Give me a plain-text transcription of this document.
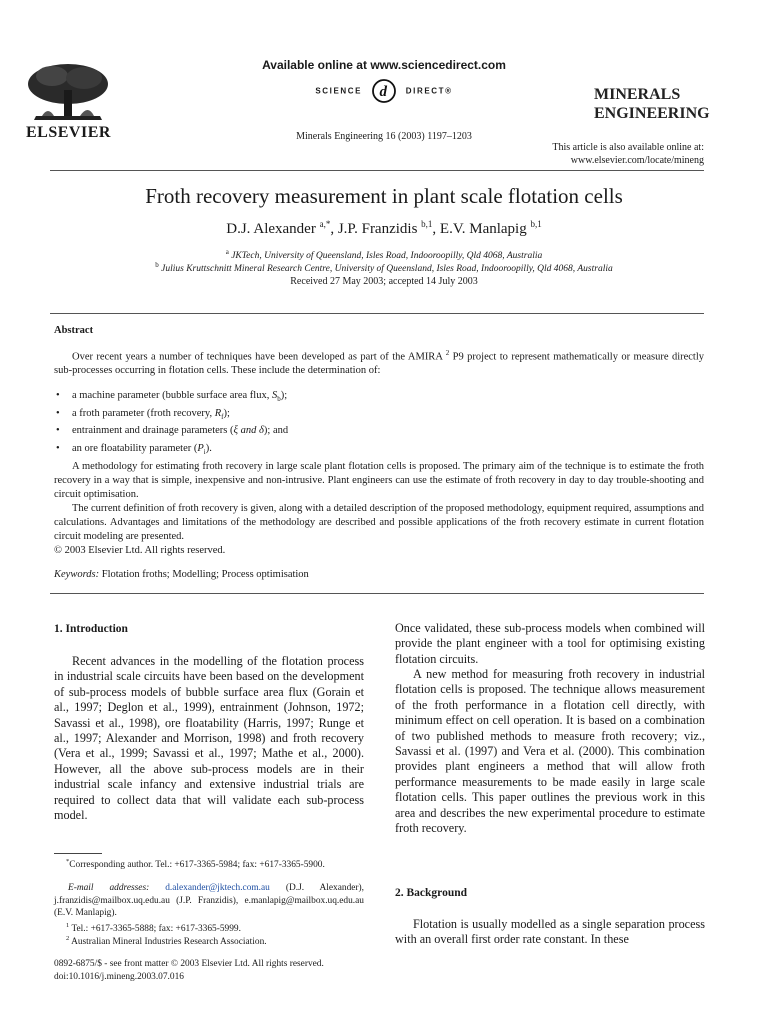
ELSEVIER
Available online at www.sciencedirect.com
SCIENCE d DIRECT®
Minerals Engineering 16 (2003) 1197–1203
MINERALS
ENGINEERING
This article is also available online at:
www.elsevier.com/locate/mineng
Froth recovery measurement in plant scale flotation cells
D.J. Alexander $^{a,*}$, J.P. Franzidis $^{b,1}$, E.V. Manlapig $^{b,1}$
$^a$ JKTech, University of Queensland, Isles Road, Indooroopilly, Qld 4068, Australia
$^b$ Julius Kruttschnitt Mineral Research Centre, University of Queensland, Isles Road, Indooroopilly, Qld 4068, Australia
Received 27 May 2003; accepted 14 July 2003
Abstract
Over recent years a number of techniques have been developed as part of the AMIRA $^2$ P9 project to represent mathematically or measure directly sub-processes occurring in flotation cells. These include the determination of:
• a machine parameter (bubble surface area flux, $S_b$);
• a froth parameter (froth recovery, $R_f$);
• entrainment and drainage parameters (ξ and δ); and
• an ore floatability parameter $(P_i)$.
A methodology for estimating froth recovery in large scale plant flotation cells is proposed. The primary aim of the technique is to estimate the froth recovery in a way that is simple, inexpensive and non-intrusive. Plant engineers can use the estimate of froth recovery in day to day trouble-shooting and circuit optimisation.
The current definition of froth recovery is given, along with a detailed description of the proposed methodology, equipment required, assumptions and calculations. Advantages and limitations of the methodology are described and possible applications of the froth recovery estimate in current flotation circuit modeling are presented.
© 2003 Elsevier Ltd. All rights reserved.
Keywords: Flotation froths; Modelling; Process optimisation
1. Introduction
Recent advances in the modelling of the flotation process in industrial scale circuits have been based on the development of sub-process models of bubble surface area flux (Gorain et al., 1997; Deglon et al., 1999), entrainment (Johnson, 1972; Savassi et al., 1998), ore floatability (Harris, 1997; Runge et al., 1997; Alexander and Morrison, 1998) and froth recovery (Vera et al., 1999; Savassi et al., 1997; Mathe et al., 2000). However, all the above sub-process models are in their industrial scale infancy and extensive industrial trials are required to collect data that will validate each sub-process model.
*Corresponding author. Tel.: +617-3365-5984; fax: +617-3365-5900.
E-mail addresses: d.alexander@jktech.com.au (D.J. Alexander), j.franzidis@mailbox.uq.edu.au (J.P. Franzidis), e.manlapig@mailbox.uq.edu.au (E.V. Manlapig).
$^1$ Tel.: +617-3365-5888; fax: +617-3365-5999.
$^2$ Australian Mineral Industries Research Association.
0892-6875/$ - see front matter © 2003 Elsevier Ltd. All rights reserved.
doi:10.1016/j.mineng.2003.07.016
Once validated, these sub-process models when combined will provide the plant engineer with a tool for optimising existing flotation circuits.
A new method for measuring froth recovery in industrial flotation cells is proposed. The technique allows measurement of the froth performance in a flotation cell directly, with minimum effect on cell operation. It is based on a combination of two published methods to measure froth recovery; viz., Savassi et al. (1997) and Vera et al. (2000). This combination provides plant engineers a method that will allow froth performance measurements to be made easily in large scale flotation cells. This paper outlines the previous work in this area and describes the new experimental procedure to estimate froth recovery.
2. Background
Flotation is usually modelled as a single separation process with an overall first order rate constant. In these
